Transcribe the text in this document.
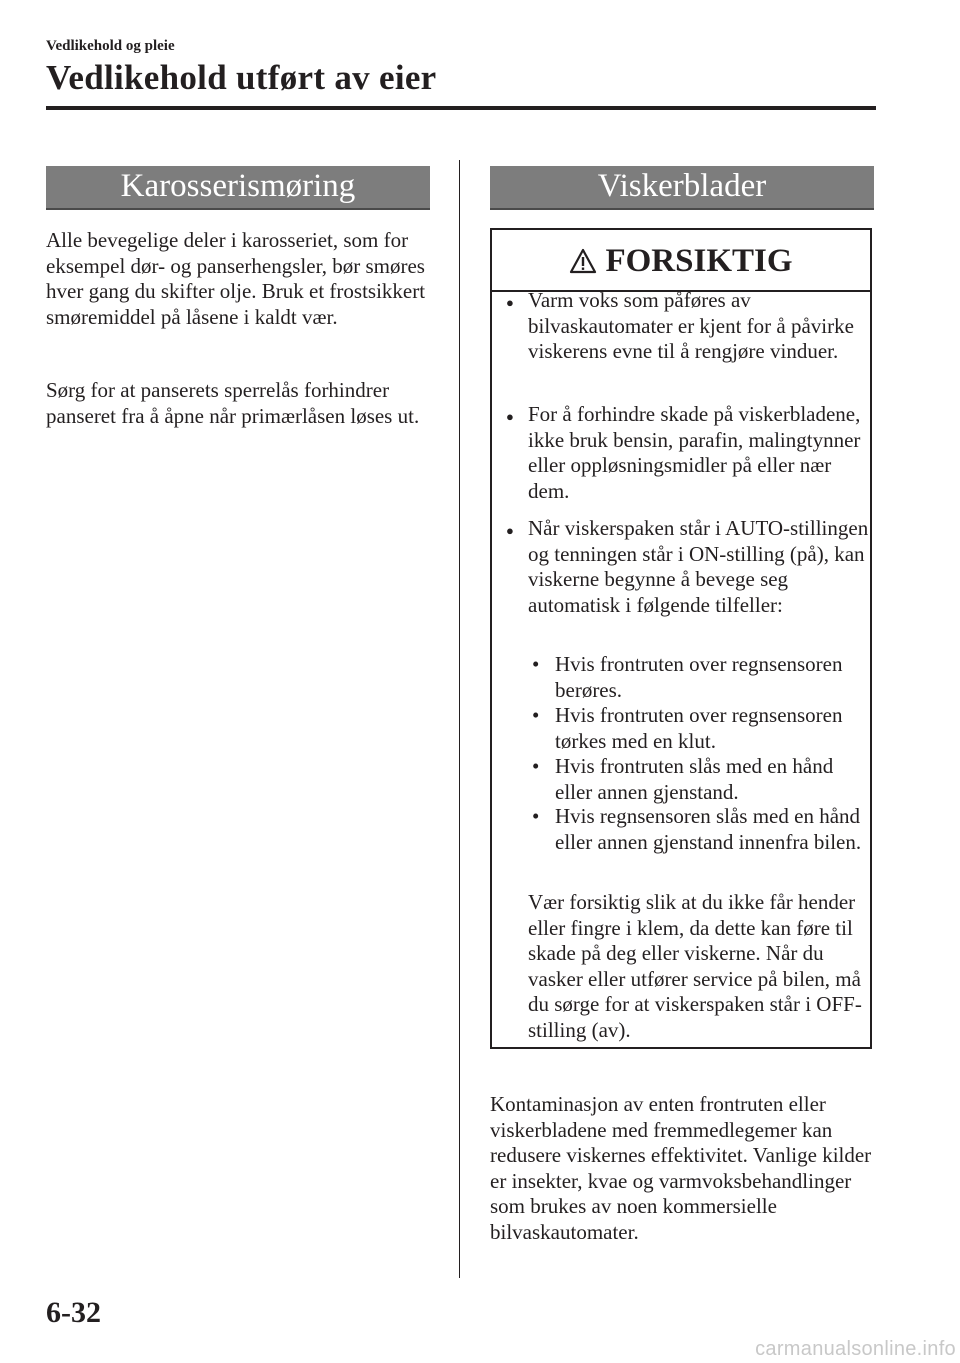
Vedlikehold og pleie
Vedlikehold utført av eier
Karosserismøring

Alle bevegelige deler i karosseriet, som for eksempel dør- og panserhengsler, bør smøres hver gang du skifter olje. Bruk et frostsikkert smøremiddel på låsene i kaldt vær.

Sørg for at panserets sperrelås forhindrer panseret fra å åpne når primærlåsen løses ut.

Viskerblader
FORSIKTIG
● Varm voks som påføres av bilvaskautomater er kjent for å påvirke viskerens evne til å rengjøre vinduer.

● For å forhindre skade på viskerbladene, ikke bruk bensin, parafin, malingtynner eller oppløsningsmidler på eller nær dem.

● Når viskerspaken står i AUTO-stillingen og tenningen står i ON-stilling (på), kan viskerne begynne å bevege seg automatisk i følgende tilfeller:

• Hvis frontruten over regnsensoren berøres.

• Hvis frontruten over regnsensoren tørkes med en klut.

• Hvis frontruten slås med en hånd eller annen gjenstand.

• Hvis regnsensoren slås med en hånd eller annen gjenstand innenfra bilen.

Vær forsiktig slik at du ikke får hender eller fingre i klem, da dette kan føre til skade på deg eller viskerne. Når du vasker eller utfører service på bilen, må du sørge for at viskerspaken står i OFF-stilling (av).

Kontaminasjon av enten frontruten eller viskerbladene med fremmedlegemer kan redusere viskernes effektivitet. Vanlige kilder er insekter, kvae og varmvoksbehandlinger som brukes av noen kommersielle bilvaskautomater.

6-32
carmanualsonline.info
